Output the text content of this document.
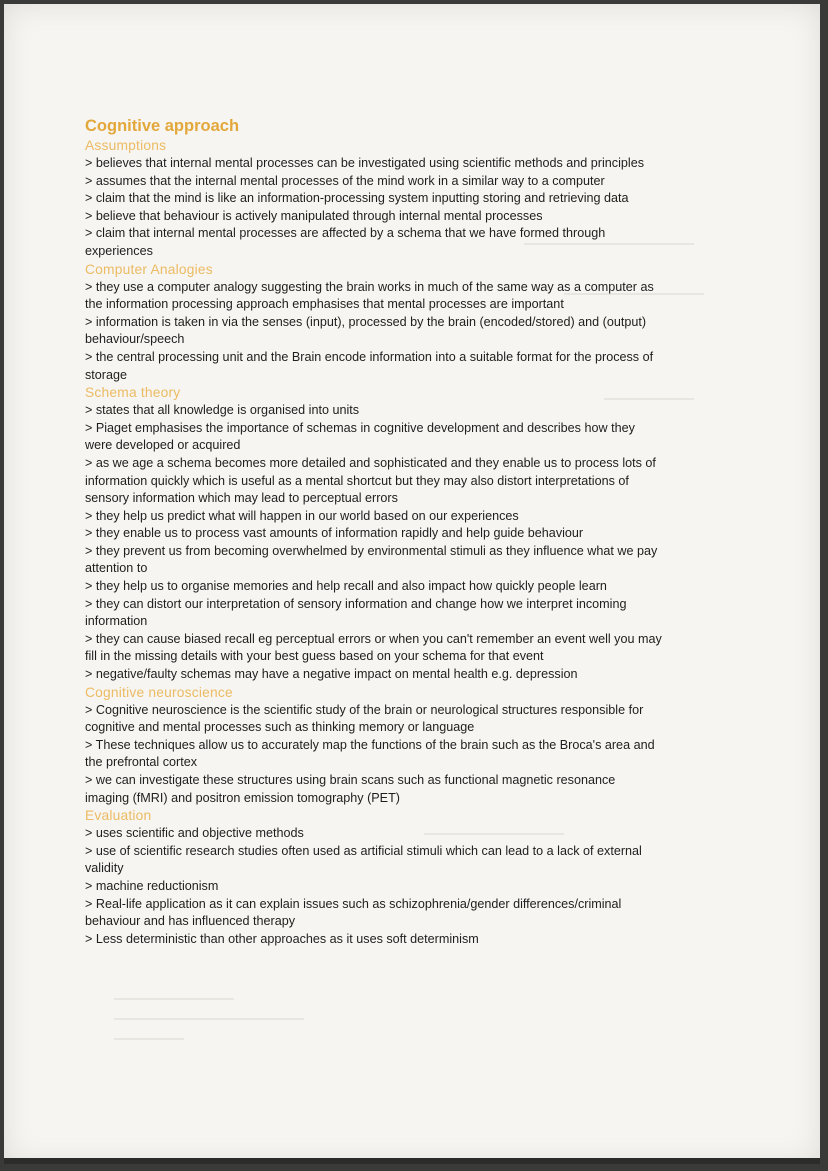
Cognitive approach
Assumptions
> believes that internal mental processes can be investigated using scientific methods and principles
> assumes that the internal mental processes of the mind work in a similar way to a computer
> claim that the mind is like an information-processing system inputting storing and retrieving data
> believe that behaviour is actively manipulated through internal mental processes
> claim that internal mental processes are affected by a schema that we have formed through
experiences
Computer Analogies
> they use a computer analogy suggesting the brain works in much of the same way as a computer as
the information processing approach emphasises that mental processes are important
> information is taken in via the senses (input), processed by the brain (encoded/stored) and (output)
behaviour/speech
> the central processing unit and the Brain encode information into a suitable format for the process of
storage
Schema theory
> states that all knowledge is organised into units
> Piaget emphasises the importance of schemas in cognitive development and describes how they
were developed or acquired
> as we age a schema becomes more detailed and sophisticated and they enable us to process lots of
information quickly which is useful as a mental shortcut but they may also distort interpretations of
sensory information which may lead to perceptual errors
> they help us predict what will happen in our world based on our experiences
> they enable us to process vast amounts of information rapidly and help guide behaviour
> they prevent us from becoming overwhelmed by environmental stimuli as they influence what we pay
attention to
> they help us to organise memories and help recall and also impact how quickly people learn
> they can distort our interpretation of sensory information and change how we interpret incoming
information
> they can cause biased recall eg perceptual errors or when you can't remember an event well you may
fill in the missing details with your best guess based on your schema for that event
> negative/faulty schemas may have a negative impact on mental health e.g. depression
Cognitive neuroscience
> Cognitive neuroscience is the scientific study of the brain or neurological structures responsible for
cognitive and mental processes such as thinking memory or language
> These techniques allow us to accurately map the functions of the brain such as the Broca's area and
the prefrontal cortex
> we can investigate these structures using brain scans such as functional magnetic resonance
imaging (fMRI) and positron emission tomography (PET)
Evaluation
> uses scientific and objective methods
> use of scientific research studies often used as artificial stimuli which can lead to a lack of external
validity
> machine reductionism
> Real-life application as it can explain issues such as schizophrenia/gender differences/criminal
behaviour and has influenced therapy
> Less deterministic than other approaches as it uses soft determinism
